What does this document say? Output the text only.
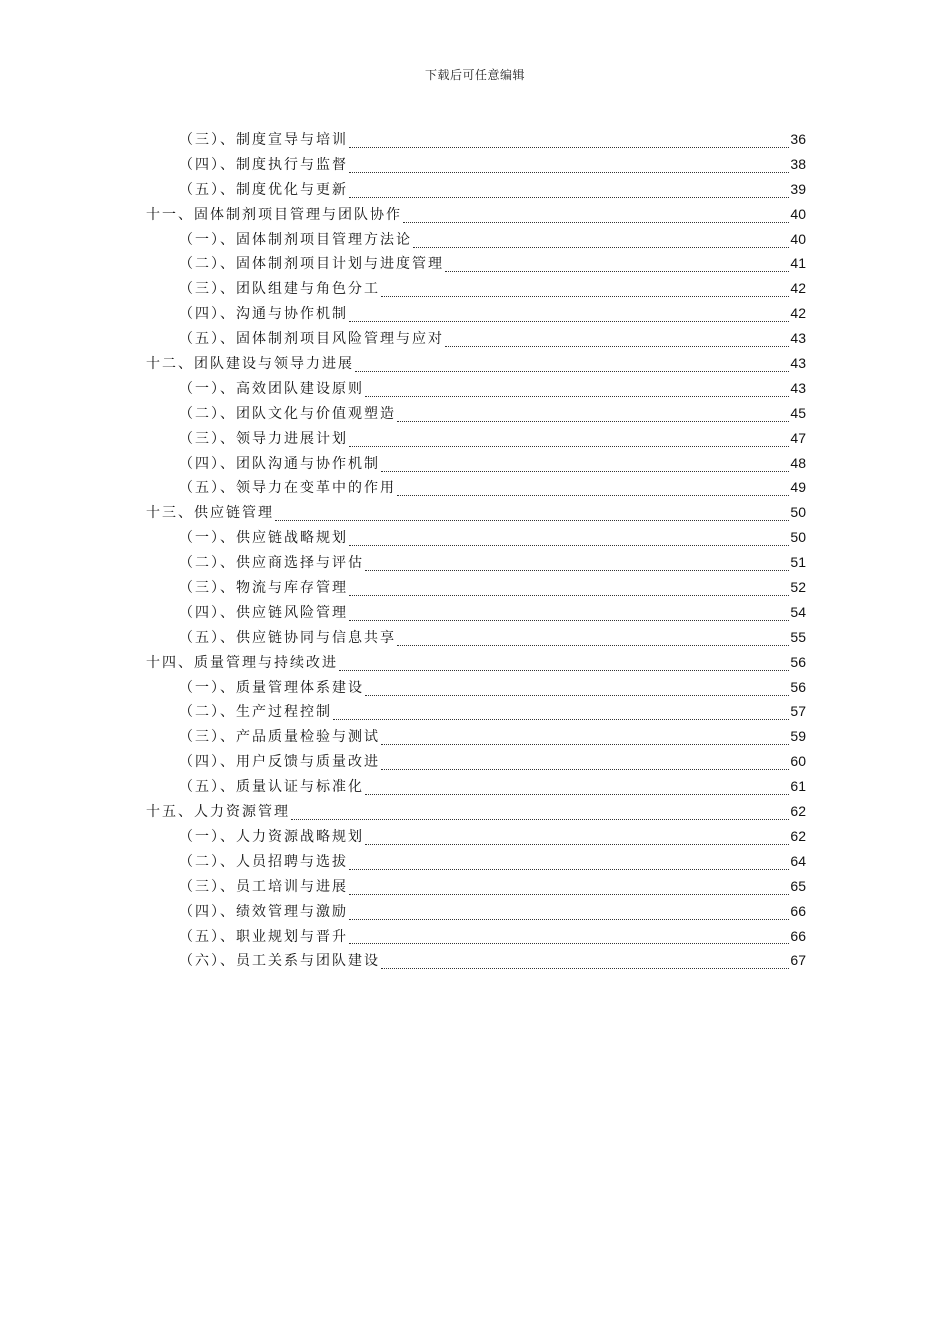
下载后可任意编辑
（三）、制度宣导与培训	36
（四）、制度执行与监督	38
（五）、制度优化与更新	39
十一、固体制剂项目管理与团队协作	40
（一）、固体制剂项目管理方法论	40
（二）、固体制剂项目计划与进度管理	41
（三）、团队组建与角色分工	42
（四）、沟通与协作机制	42
（五）、固体制剂项目风险管理与应对	43
十二、团队建设与领导力进展	43
（一）、高效团队建设原则	43
（二）、团队文化与价值观塑造	45
（三）、领导力进展计划	47
（四）、团队沟通与协作机制	48
（五）、领导力在变革中的作用	49
十三、供应链管理	50
（一）、供应链战略规划	50
（二）、供应商选择与评估	51
（三）、物流与库存管理	52
（四）、供应链风险管理	54
（五）、供应链协同与信息共享	55
十四、质量管理与持续改进	56
（一）、质量管理体系建设	56
（二）、生产过程控制	57
（三）、产品质量检验与测试	59
（四）、用户反馈与质量改进	60
（五）、质量认证与标准化	61
十五、人力资源管理	62
（一）、人力资源战略规划	62
（二）、人员招聘与选拔	64
（三）、员工培训与进展	65
（四）、绩效管理与激励	66
（五）、职业规划与晋升	66
（六）、员工关系与团队建设	67
